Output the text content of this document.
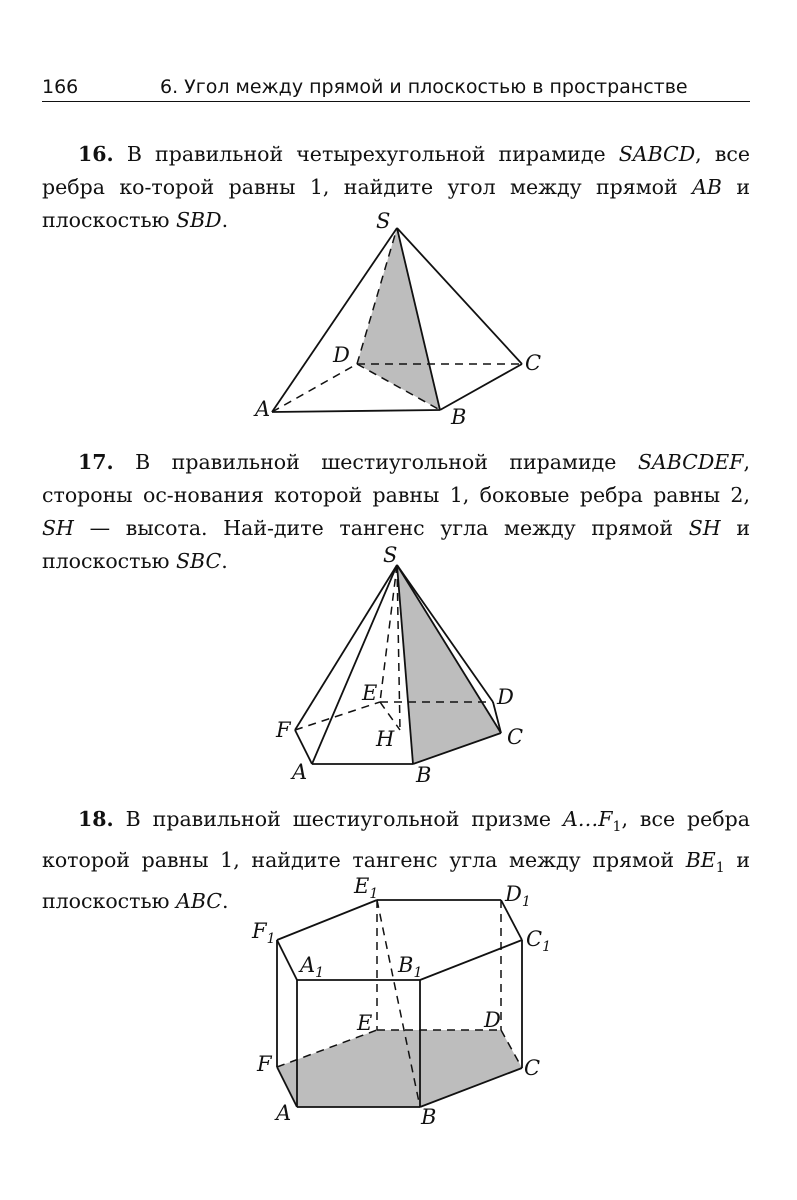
166	6. Угол между прямой и плоскостью в пространстве
16. В правильной четырехугольной пирамиде SABCD, все ребра ко-торой равны 1, найдите угол между прямой AB и плоскостью SBD.	S
A	B
C
D
17. В правильной шестиугольной пирамиде SABCDEF, стороны ос-нования которой равны 1, боковые ребра равны 2, SH — высота. Най-дите тангенс угла между прямой SH и плоскостью SBC.	S
A	B
C
D
E
F	H
18. В правильной шестиугольной призме $A\dots F_1$, все ребра которой равны 1, найдите тангенс угла между прямой $BE_1$ и плоскостью ABC.
A	B
C
D
E
F
$A_1$	$B_1$
$C_1$
$D_1$
$E_1$
$F_1$
